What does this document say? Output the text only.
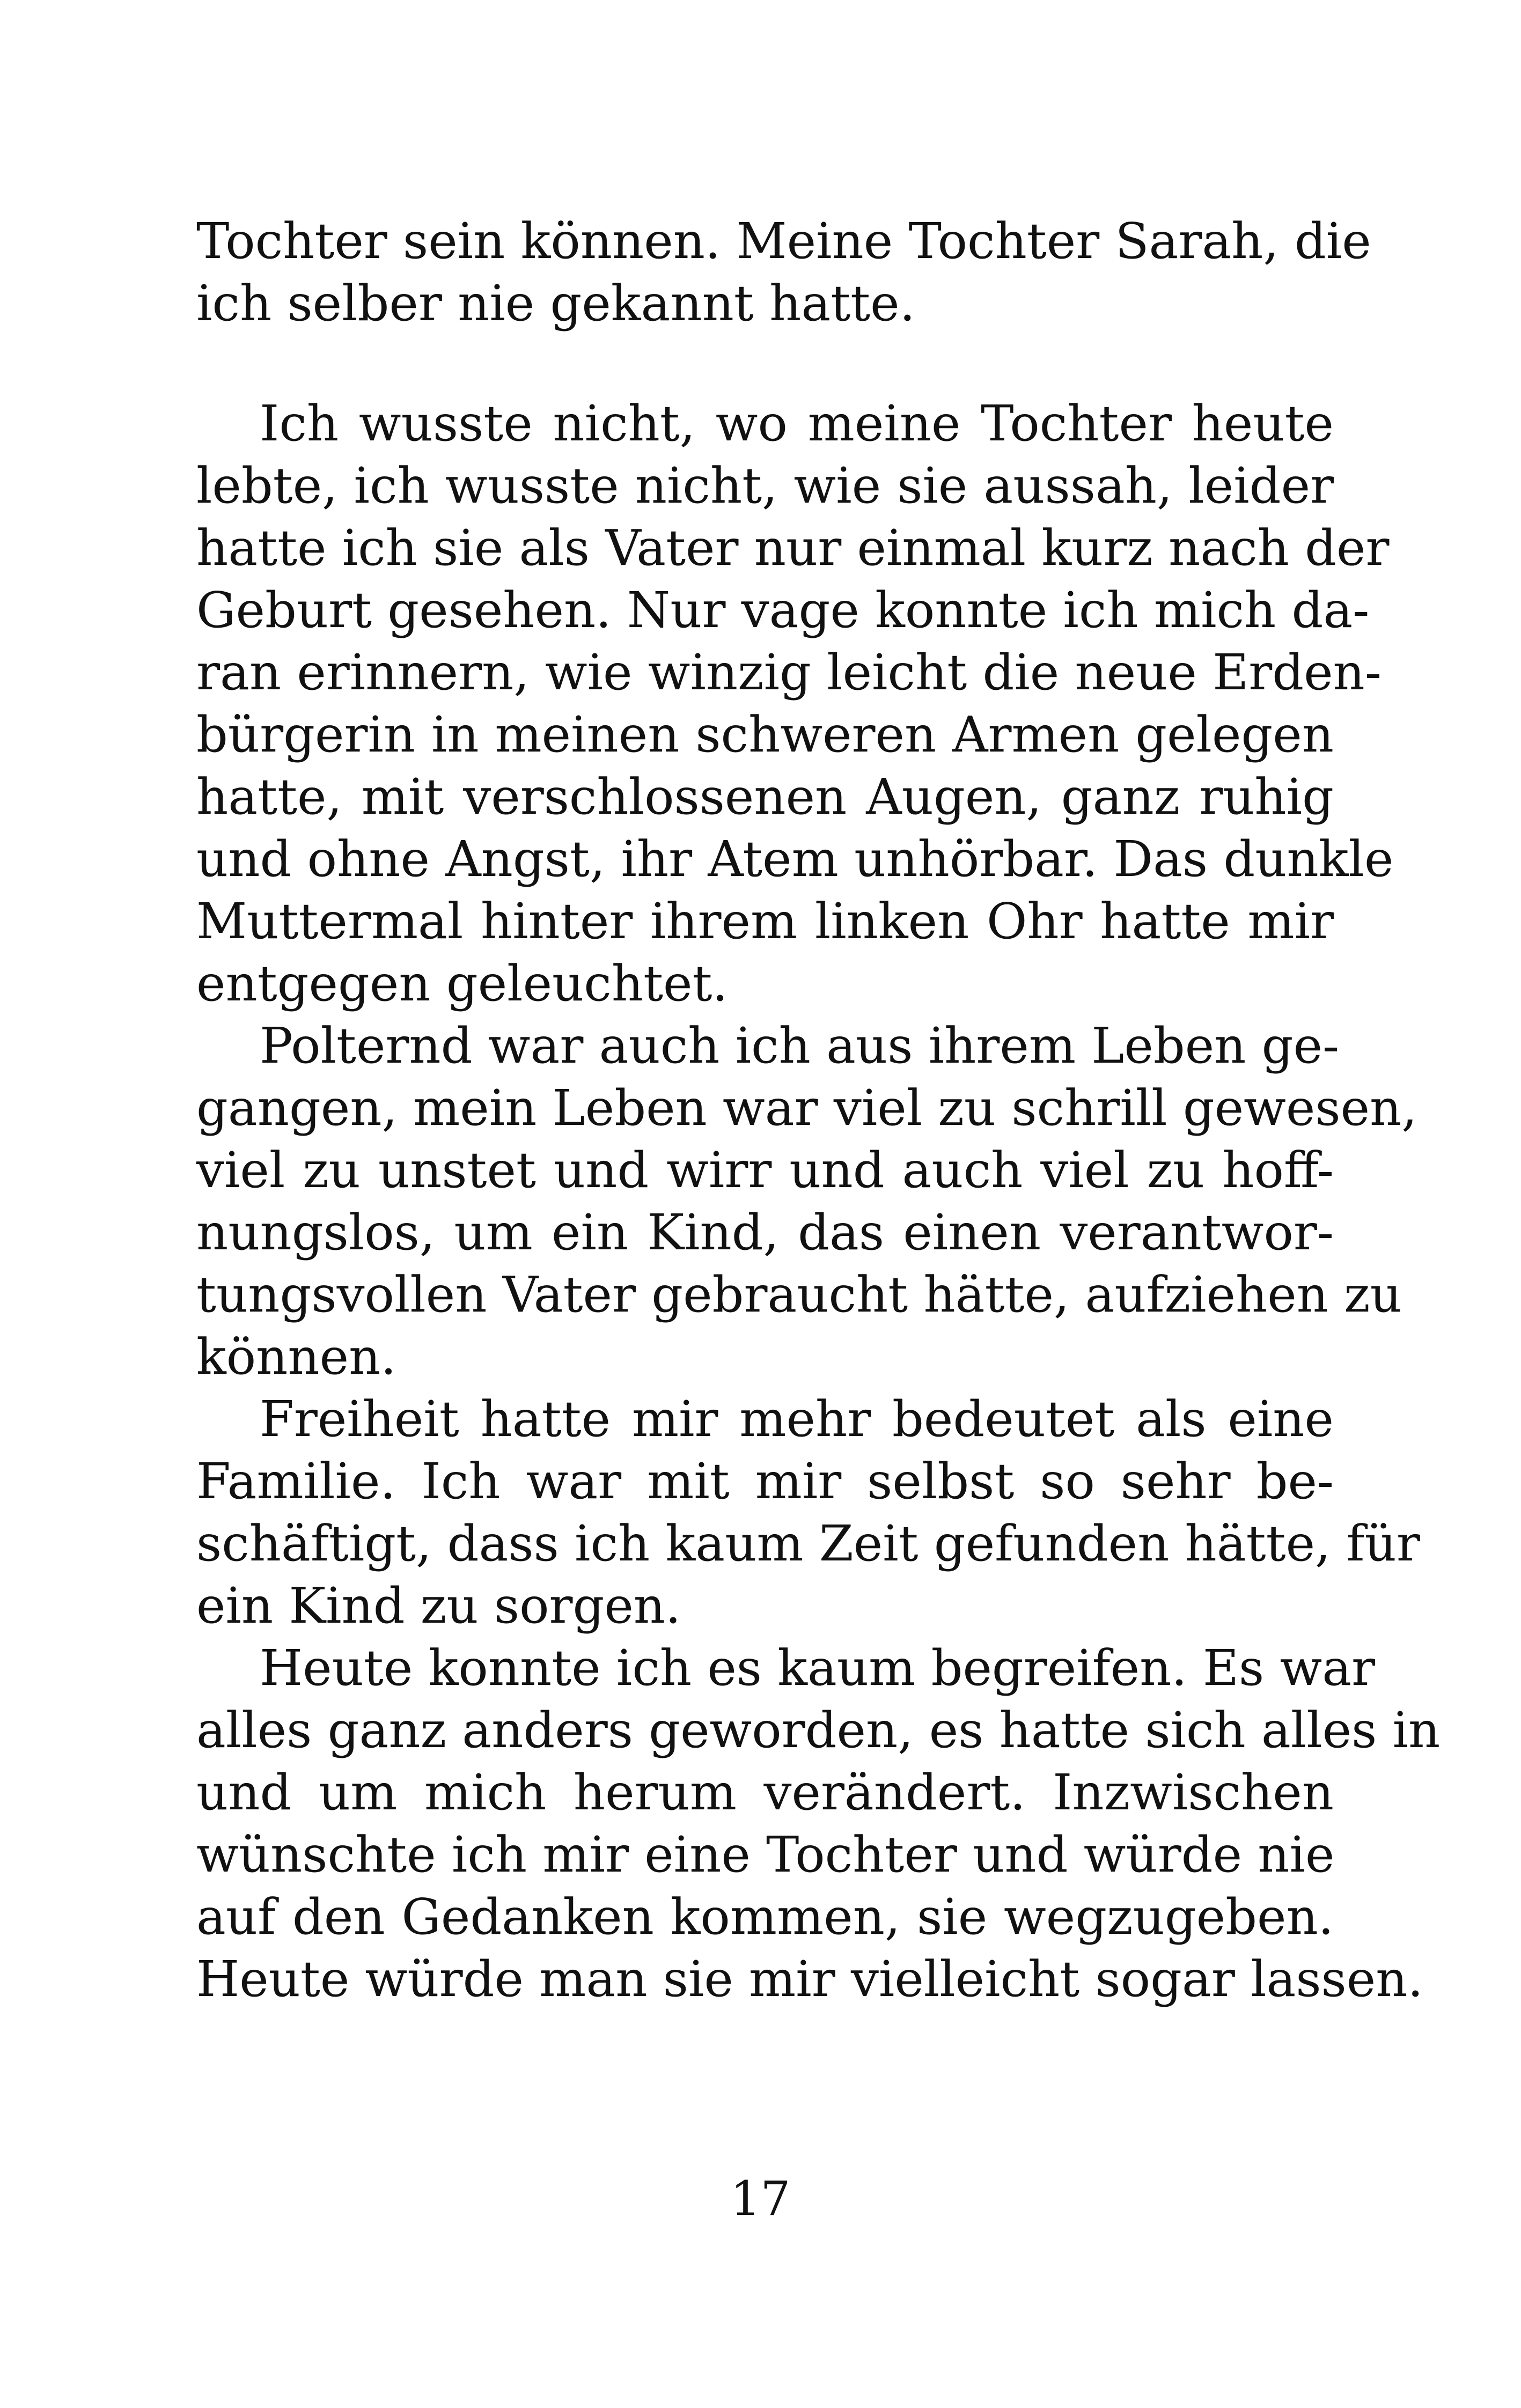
Tochter sein können. Meine Tochter Sarah, die
ich selber nie gekannt hatte.
Ich wusste nicht, wo meine Tochter heute
lebte, ich wusste nicht, wie sie aussah, leider
hatte ich sie als Vater nur einmal kurz nach der
Geburt gesehen. Nur vage konnte ich mich da-
ran erinnern, wie winzig leicht die neue Erden-
bürgerin in meinen schweren Armen gelegen
hatte, mit verschlossenen Augen, ganz ruhig
und ohne Angst, ihr Atem unhörbar. Das dunkle
Muttermal hinter ihrem linken Ohr hatte mir
entgegen geleuchtet.
Polternd war auch ich aus ihrem Leben ge-
gangen, mein Leben war viel zu schrill gewesen,
viel zu unstet und wirr und auch viel zu hoff-
nungslos, um ein Kind, das einen verantwor-
tungsvollen Vater gebraucht hätte, aufziehen zu
können.
Freiheit hatte mir mehr bedeutet als eine
Familie. Ich war mit mir selbst so sehr be-
schäftigt, dass ich kaum Zeit gefunden hätte, für
ein Kind zu sorgen.
Heute konnte ich es kaum begreifen. Es war
alles ganz anders geworden, es hatte sich alles in
und um mich herum verändert. Inzwischen
wünschte ich mir eine Tochter und würde nie
auf den Gedanken kommen, sie wegzugeben.
Heute würde man sie mir vielleicht sogar lassen.
17
